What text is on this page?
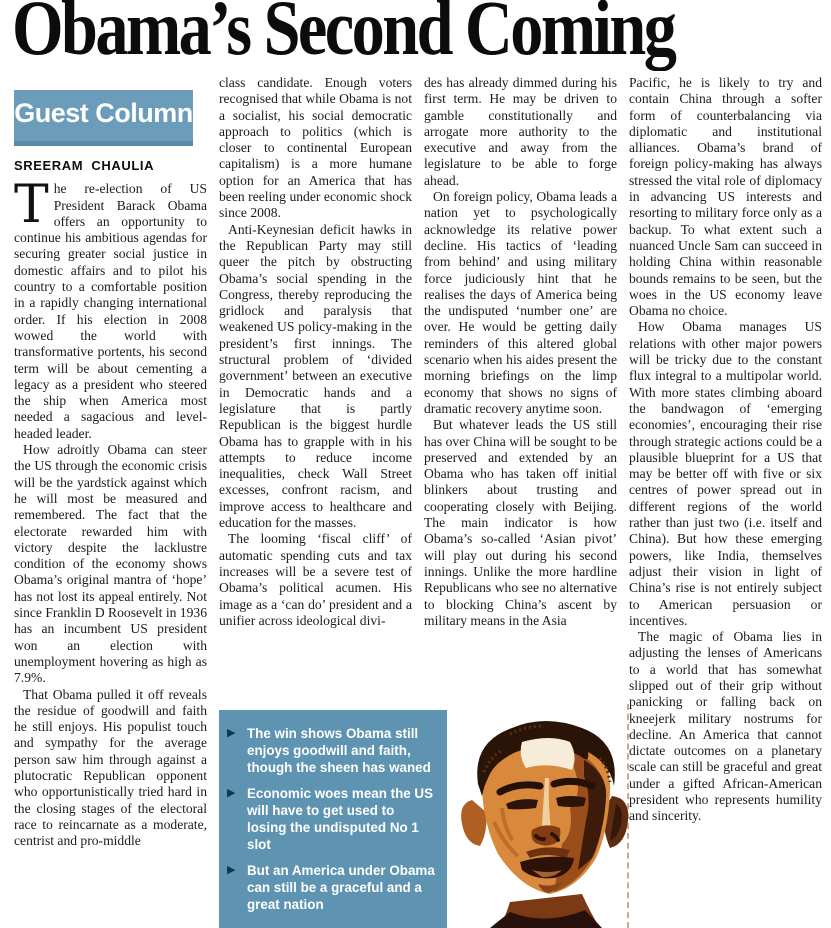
Obama’s Second Coming
Guest Column
SREERAM CHAULIA

The re-election of US President Barack Obama offers an opportunity to continue his ambitious agendas for securing greater social justice in domestic affairs and to pilot his country to a comfortable position in a rapidly changing international order. If his election in 2008 wowed the world with transformative portents, his second term will be about cementing a legacy as a president who steered the ship when America most needed a sagacious and level-headed leader.

How adroitly Obama can steer the US through the economic crisis will be the yardstick against which he will most be measured and remembered. The fact that the electorate rewarded him with victory despite the lacklustre condition of the economy shows Obama’s original mantra of ‘hope’ has not lost its appeal entirely. Not since Franklin D Roosevelt in 1936 has an incumbent US president won an election with unemployment hovering as high as 7.9%.

That Obama pulled it off reveals the residue of goodwill and faith he still enjoys. His populist touch and sympathy for the average person saw him through against a plutocratic Republican opponent who opportunistically tried hard in the closing stages of the electoral race to reincarnate as a moderate, centrist and pro-middle

class candidate. Enough voters recognised that while Obama is not a socialist, his social democratic approach to politics (which is closer to continental European capitalism) is a more humane option for an America that has been reeling under economic shock since 2008.

Anti-Keynesian deficit hawks in the Republican Party may still queer the pitch by obstructing Obama’s social spending in the Congress, thereby reproducing the gridlock and paralysis that weakened US policy-making in the president’s first innings. The structural problem of ‘divided government’ between an executive in Democratic hands and a legislature that is partly Republican is the biggest hurdle Obama has to grapple with in his attempts to reduce income inequalities, check Wall Street excesses, confront racism, and improve access to healthcare and education for the masses.

The looming ‘fiscal cliff’ of automatic spending cuts and tax increases will be a severe test of Obama’s political acumen. His image as a ‘can do’ president and a unifier across ideological divi-

des has already dimmed during his first term. He may be driven to gamble constitutionally and arrogate more authority to the executive and away from the legislature to be able to forge ahead.

On foreign policy, Obama leads a nation yet to psychologically acknowledge its relative power decline. His tactics of ‘leading from behind’ and using military force judiciously hint that he realises the days of America being the undisputed ‘number one’ are over. He would be getting daily reminders of this altered global scenario when his aides present the morning briefings on the limp economy that shows no signs of dramatic recovery anytime soon.

But whatever leads the US still has over China will be sought to be preserved and extended by an Obama who has taken off initial blinkers about trusting and cooperating closely with Beijing. The main indicator is how Obama’s so-called ‘Asian pivot’ will play out during his second innings. Unlike the more hardline Republicans who see no alternative to blocking China’s ascent by military means in the Asia

Pacific, he is likely to try and contain China through a softer form of counterbalancing via diplomatic and institutional alliances. Obama’s brand of foreign policy-making has always stressed the vital role of diplomacy in advancing US interests and resorting to military force only as a backup. To what extent such a nuanced Uncle Sam can succeed in holding China within reasonable bounds remains to be seen, but the woes in the US economy leave Obama no choice.

How Obama manages US relations with other major powers will be tricky due to the constant flux integral to a multipolar world. With more states climbing aboard the bandwagon of ‘emerging economies’, encouraging their rise through strategic actions could be a plausible blueprint for a US that may be better off with five or six centres of power spread out in different regions of the world rather than just two (i.e. itself and China). But how these emerging powers, like India, themselves adjust their vision in light of China’s rise is not entirely subject to American persuasion or incentives.

The magic of Obama lies in adjusting the lenses of Americans to a world that has somewhat slipped out of their grip without panicking or falling back on kneejerk military nostrums for decline. An America that cannot dictate outcomes on a planetary scale can still be graceful and great under a gifted African-American president who represents humility and sincerity.

▶ The win shows Obama still enjoys goodwill and faith, though the sheen has waned
▶ Economic woes mean the US will have to get used to losing the undisputed No 1 slot
▶ But an America under Obama can still be a graceful and a great nation
